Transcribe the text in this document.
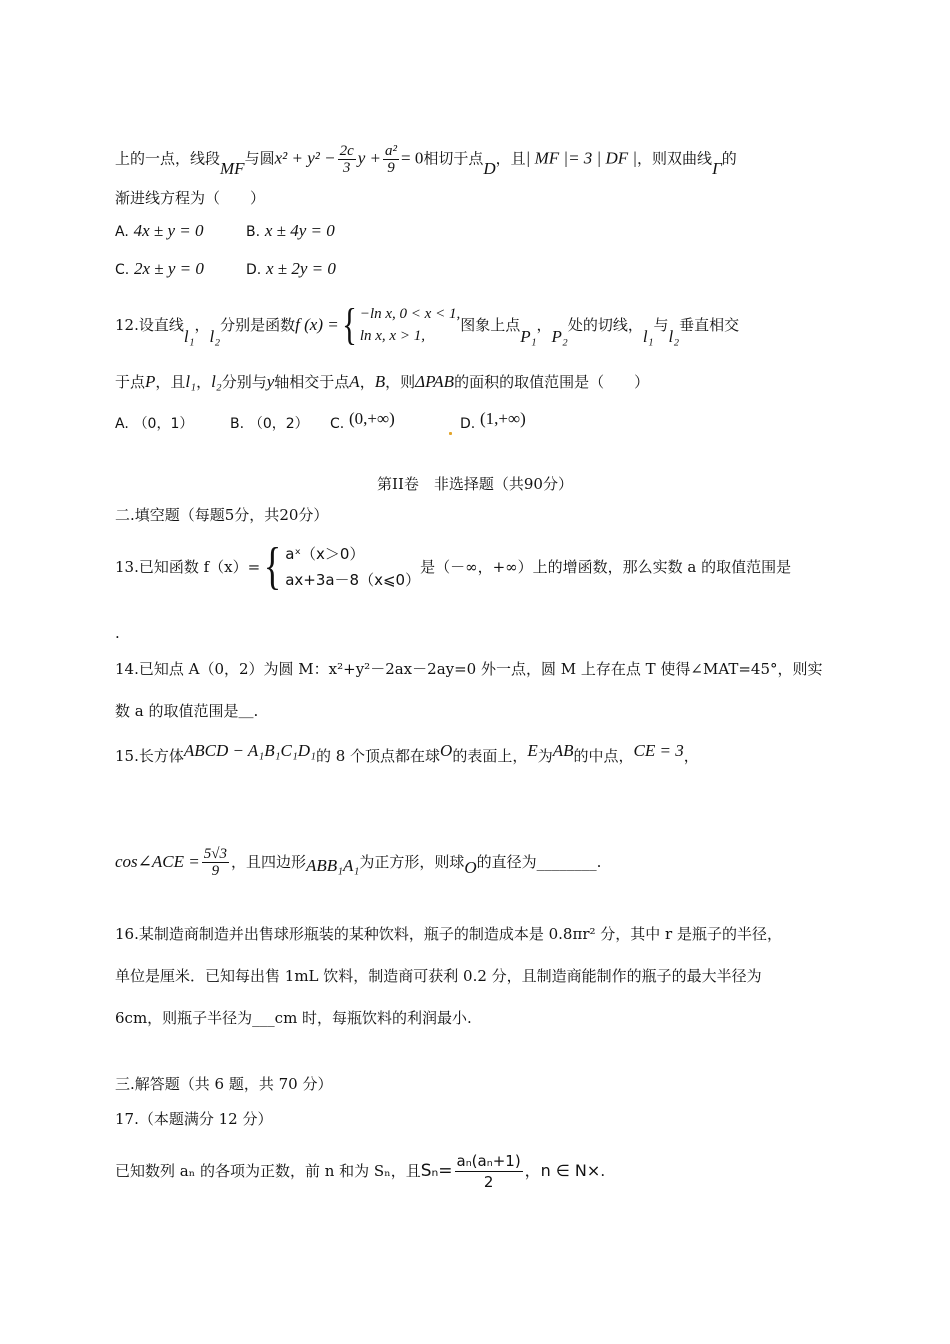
上的一点，线段MF与圆$x^2 + y^2 - \frac{2c}{3}$ $y + \frac{\text{a²}}{9} = 0$相切于点D，且| MF |= 3 | DF |，则双曲线Γ的
渐进线方程为（　　）
A. 4x ± y = 0	B. x ± 4y = 0
C. 2x ± y = 0	D. x ± 2y = 0
12.设直线
l₁
，
l₂
分别是函数 f (x) = { −ln x, 0 < x < 1,
ln x, x > 1,
图象上点
P₁
，
P₂
处的切线，
l₁
与
l₂
垂直相交
于点P，且l₁，l₂分别与y轴相交于点A，B，则ΔPAB的面积的取值范围是（　　）
A. （0，1）	B. （0，2） C. (0,+∞)	D. (1,+∞)
第II卷　非选择题（共90分）
二.填空题（每题5分，共20分）
13.已知函数 f（x）= { aˣ（x＞0）
ax+3a－8（x⩽0）
是（－∞，+∞）上的增函数，那么实数 a 的取值范围是
.
14.已知点 A（0，2）为圆 M：x²+y²－2ax－2ay=0 外一点，圆 M 上存在点 T 使得∠MAT=45°，则实
数 a 的取值范围是＿.
15.长方体ABCD − A₁B₁C₁D₁的 8 个顶点都在球O的表面上，E为AB的中点，CE = 3，
cos∠ACE = $\frac{5√3}{9}$ ，且四边形 ABB₁A₁ 为正方形，则球 O 的直径为________.
16.某制造商制造并出售球形瓶装的某种饮料，瓶子的制造成本是 0.8πr² 分，其中 r 是瓶子的半径，
单位是厘米．已知每出售 1mL 饮料，制造商可获利 0.2 分，且制造商能制作的瓶子的最大半径为
6cm，则瓶子半径为___cm 时，每瓶饮料的利润最小.
三.解答题（共 6 题，共 70 分）
17.（本题满分 12 分）
已知数列 aₙ 的各项为正数，前 n 和为 Sₙ，且 $S_n= \frac{\text{aₙ(aₙ+1)}}{2}$ ，n ∈ N× .
